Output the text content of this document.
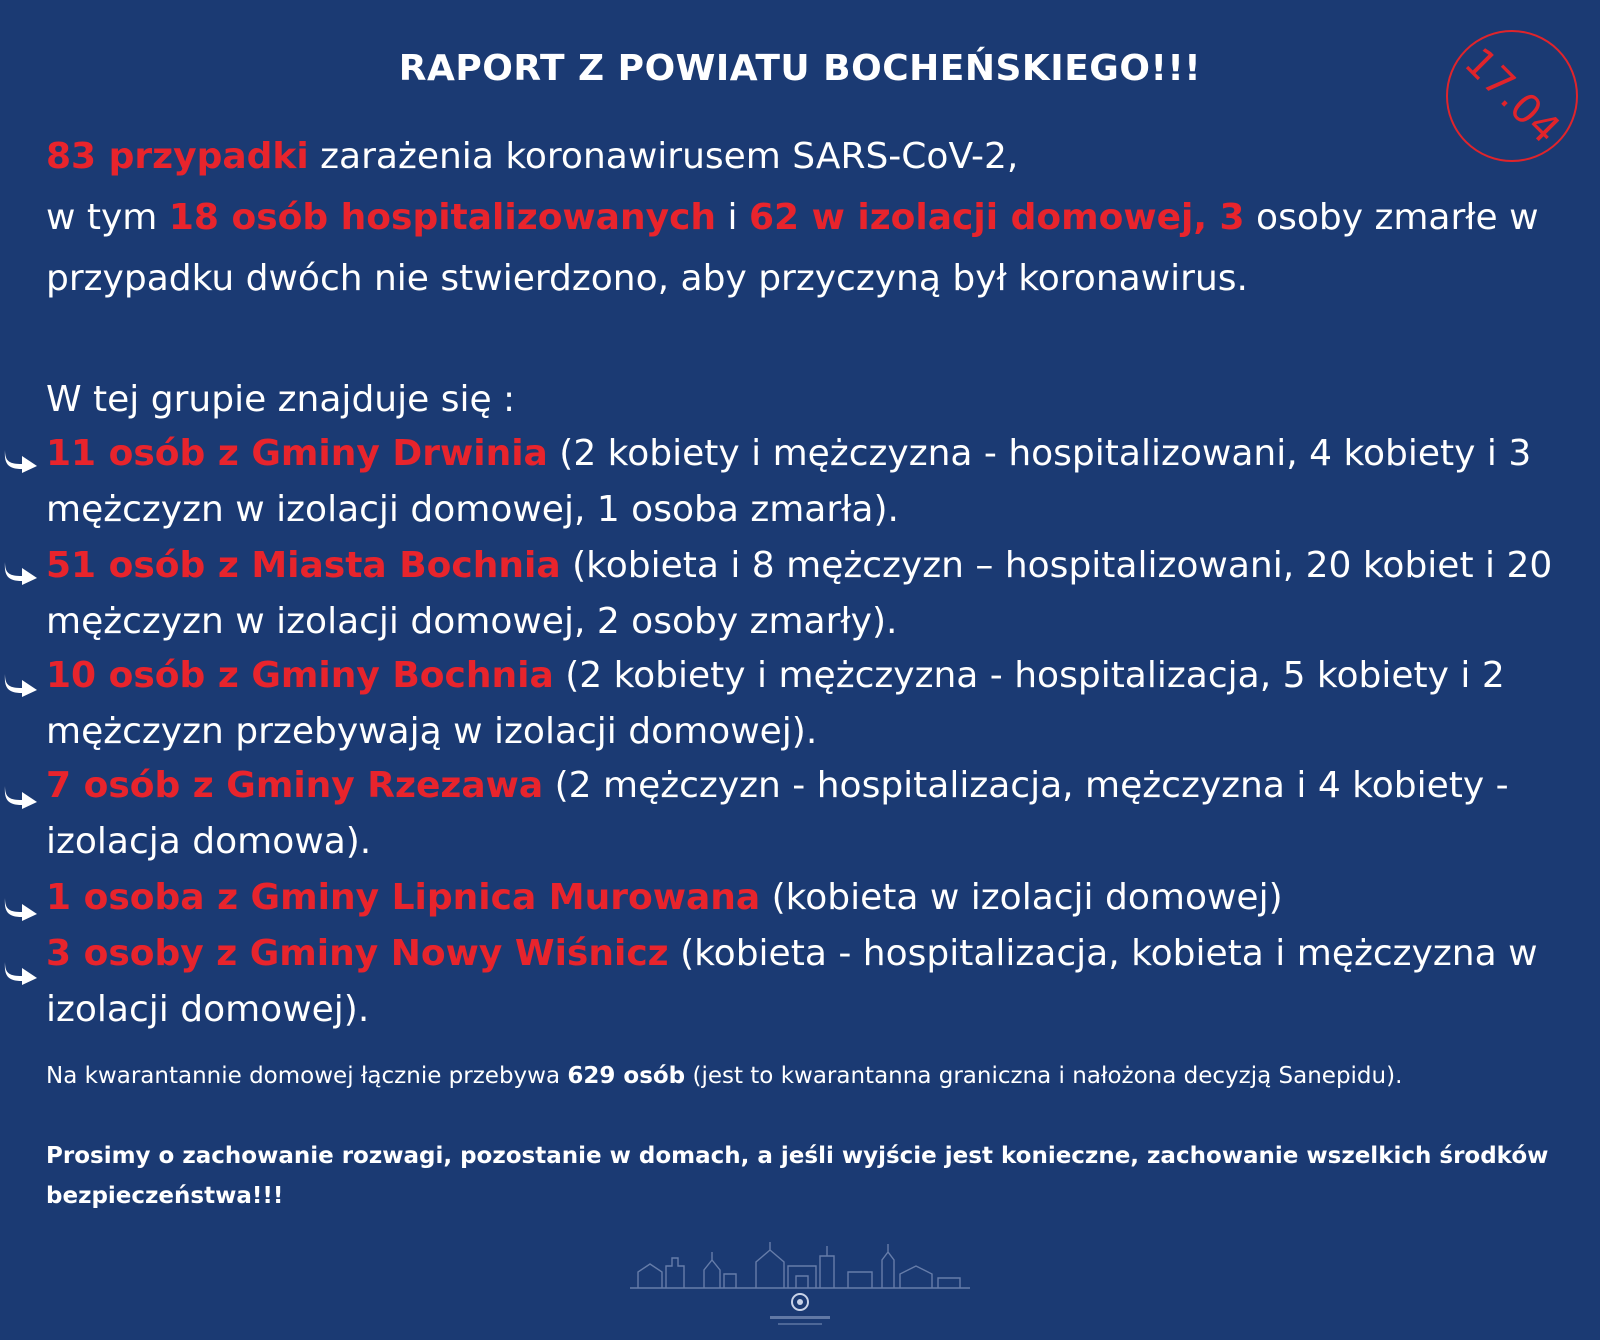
RAPORT Z POWIATU BOCHEŃSKIEGO!!!	17.04
83 przypadki zarażenia koronawirusem SARS-CoV-2,
w tym 18 osób hospitalizowanych i 62 w izolacji domowej, 3 osoby zmarłe w przypadku dwóch nie stwierdzono, aby przyczyną był koronawirus.
W tej grupie znajduje się :
11 osób z Gminy Drwinia (2 kobiety i mężczyzna - hospitalizowani, 4 kobiety i 3 mężczyzn w izolacji domowej, 1 osoba zmarła).
51 osób z Miasta Bochnia (kobieta i 8 mężczyzn – hospitalizowani, 20 kobiet i 20 mężczyzn w izolacji domowej, 2 osoby zmarły).
10 osób z Gminy Bochnia (2 kobiety i mężczyzna - hospitalizacja, 5 kobiety i 2 mężczyzn przebywają w izolacji domowej).
7 osób z Gminy Rzezawa (2 mężczyzn - hospitalizacja, mężczyzna i 4 kobiety - izolacja domowa).
1 osoba z Gminy Lipnica Murowana (kobieta w izolacji domowej)
3 osoby z Gminy Nowy Wiśnicz (kobieta - hospitalizacja, kobieta i mężczyzna w izolacji domowej).
Na kwarantannie domowej łącznie przebywa 629 osób (jest to kwarantanna graniczna i nałożona decyzją Sanepidu).
Prosimy o zachowanie rozwagi, pozostanie w domach, a jeśli wyjście jest konieczne, zachowanie wszelkich środków bezpieczeństwa!!!
